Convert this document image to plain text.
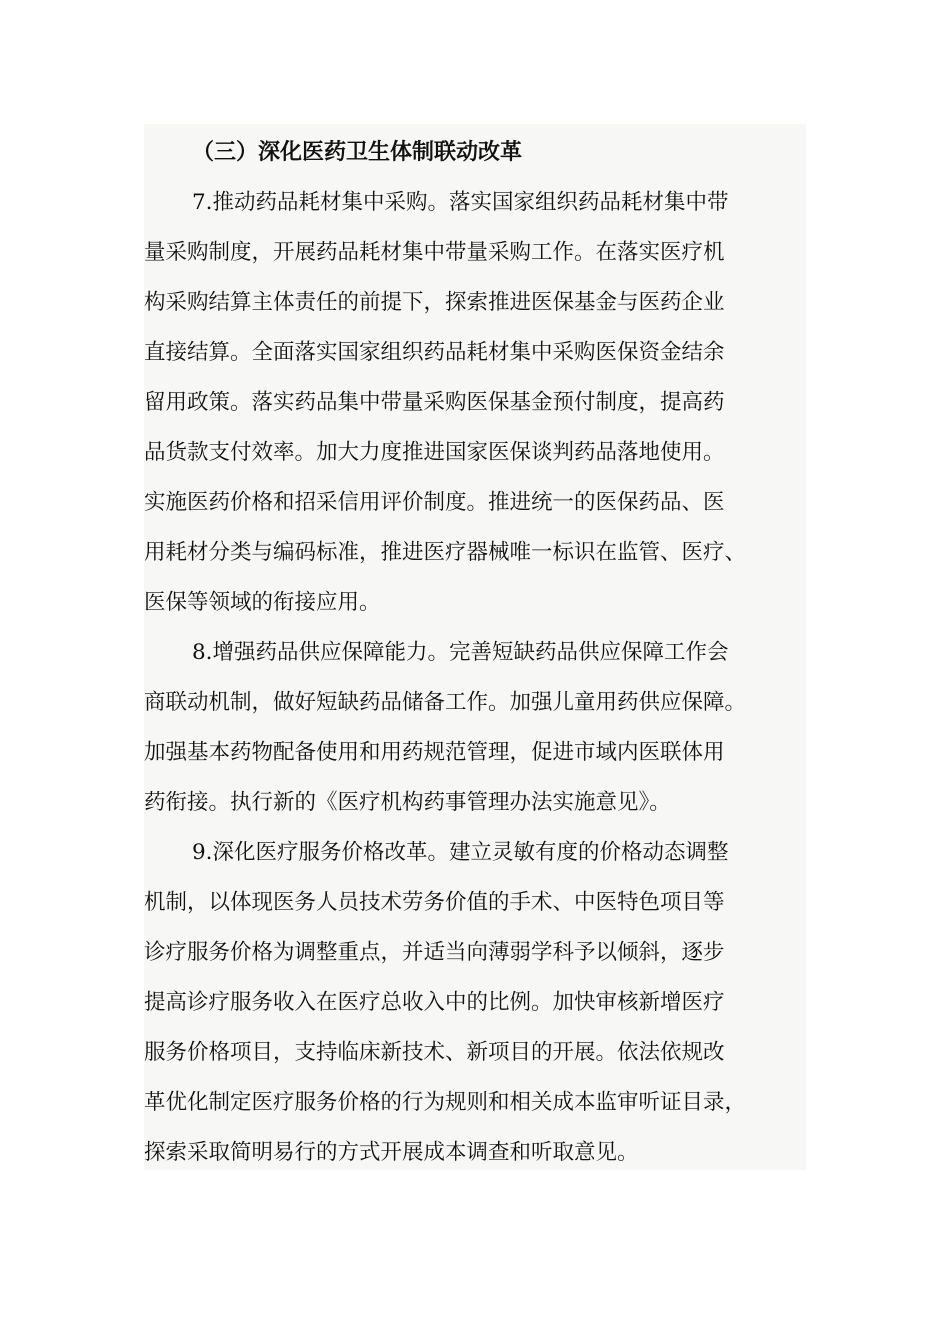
（三）深化医药卫生体制联动改革

7.推动药品耗材集中采购。落实国家组织药品耗材集中带
量采购制度，开展药品耗材集中带量采购工作。在落实医疗机
构采购结算主体责任的前提下，探索推进医保基金与医药企业
直接结算。全面落实国家组织药品耗材集中采购医保资金结余
留用政策。落实药品集中带量采购医保基金预付制度，提高药
品货款支付效率。加大力度推进国家医保谈判药品落地使用。
实施医药价格和招采信用评价制度。推进统一的医保药品、医
用耗材分类与编码标准，推进医疗器械唯一标识在监管、医疗、
医保等领域的衔接应用。

8.增强药品供应保障能力。完善短缺药品供应保障工作会
商联动机制，做好短缺药品储备工作。加强儿童用药供应保障。
加强基本药物配备使用和用药规范管理，促进市域内医联体用
药衔接。执行新的《医疗机构药事管理办法实施意见》。

9.深化医疗服务价格改革。建立灵敏有度的价格动态调整
机制，以体现医务人员技术劳务价值的手术、中医特色项目等
诊疗服务价格为调整重点，并适当向薄弱学科予以倾斜，逐步
提高诊疗服务收入在医疗总收入中的比例。加快审核新增医疗
服务价格项目，支持临床新技术、新项目的开展。依法依规改
革优化制定医疗服务价格的行为规则和相关成本监审听证目录，
探索采取简明易行的方式开展成本调查和听取意见。
